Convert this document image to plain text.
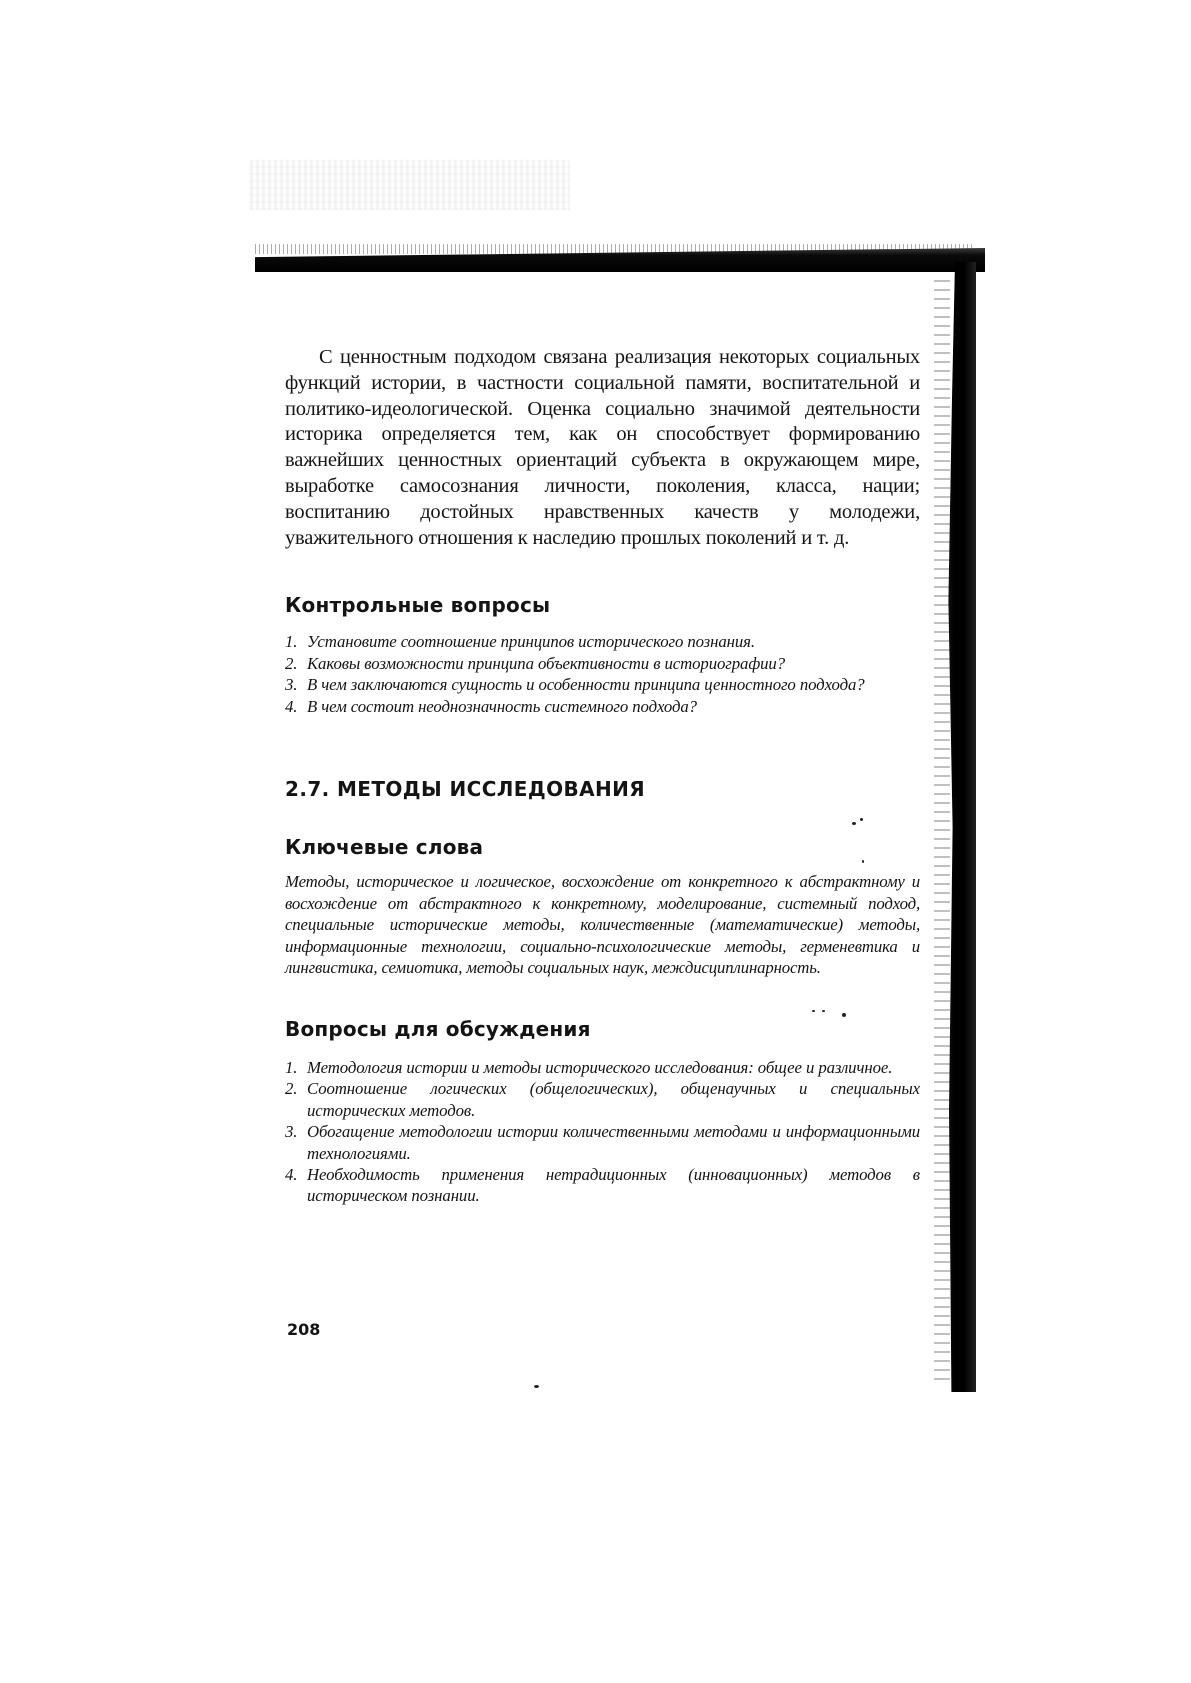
С ценностным подходом связана реализация некоторых социальных функций истории, в частности социальной памяти, воспитательной и политико-идеологической. Оценка социально значимой деятельности историка определяется тем, как он способствует формированию важнейших ценностных ориентаций субъекта в окружающем мире, выработке самосознания личности, поколения, класса, нации; воспитанию достойных нравственных качеств у молодежи, уважительного отношения к наследию прошлых поколений и т. д.

Контрольные вопросы
1. Установите соотношение принципов исторического познания.
2. Каковы возможности принципа объективности в историографии?
3. В чем заключаются сущность и особенности принципа ценностного подхода?
4. В чем состоит неоднозначность системного подхода?
2.7. МЕТОДЫ ИССЛЕДОВАНИЯ
Ключевые слова

Методы, историческое и логическое, восхождение от конкретного к абстрактному и восхождение от абстрактного к конкретному, моделирование, системный подход, специальные исторические методы, количественные (математические) методы, информационные технологии, социально-психологические методы, герменевтика и лингвистика, семиотика, методы социальных наук, междисциплинарность.

Вопросы для обсуждения
1. Методология истории и методы исторического исследования: общее и различное.
2. Соотношение логических (общелогических), общенаучных и специальных исторических методов.
3. Обогащение методологии истории количественными методами и информационными технологиями.
4. Необходимость применения нетрадиционных (инновационных) методов в историческом познании.
208
